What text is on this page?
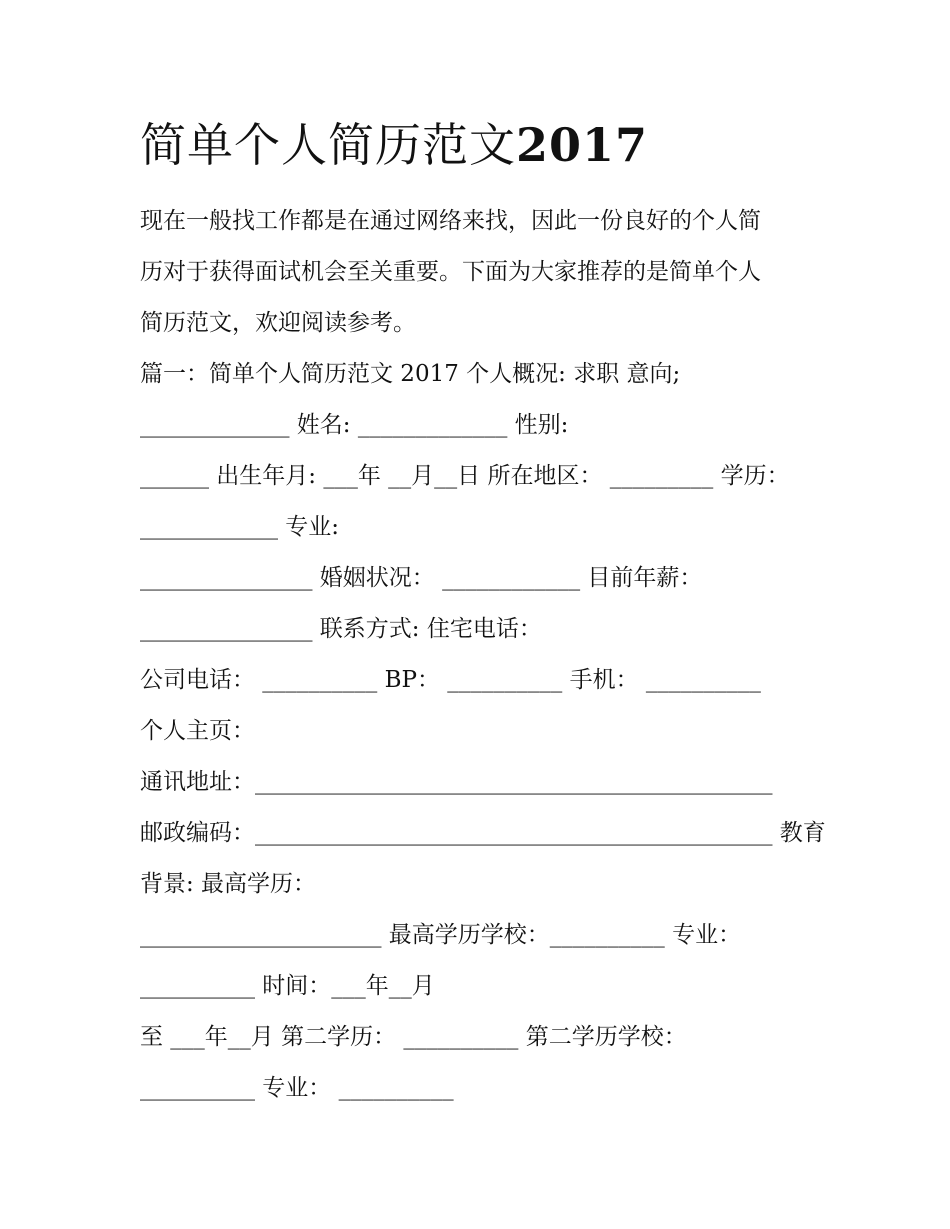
简单个人简历范文2017
现在一般找工作都是在通过网络来找，因此一份良好的个人简
历对于获得面试机会至关重要。下面为大家推荐的是简单个人
简历范文，欢迎阅读参考。
篇一：简单个人简历范文 2017 个人概况: 求职 意向;
_____________ 姓名: _____________ 性别:
______ 出生年月: ___年 __月__日 所在地区： _________ 学历：
____________ 专业:
_______________ 婚姻状况： ____________ 目前年薪：
_______________ 联系方式: 住宅电话：
公司电话： __________ BP： __________ 手机： __________
个人主页：
通讯地址：_____________________________________________
邮政编码：_____________________________________________ 教育
背景: 最高学历：
_____________________ 最高学历学校：__________ 专业：
__________ 时间：___年__月
至 ___年__月 第二学历： __________ 第二学历学校：
__________ 专业： __________
